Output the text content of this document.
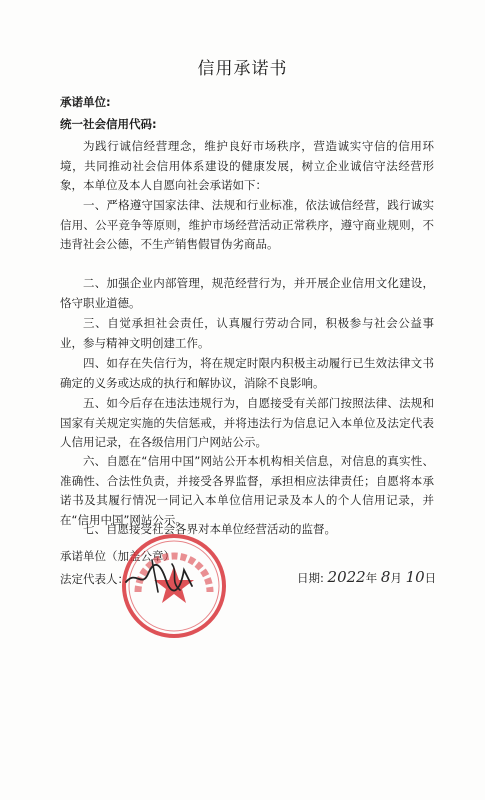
信用承诺书
承诺单位:
统一社会信用代码:

为践行诚信经营理念，维护良好市场秩序，营造诚实守信的信用环境，共同推动社会信用体系建设的健康发展，树立企业诚信守法经营形象，本单位及本人自愿向社会承诺如下：

一、严格遵守国家法律、法规和行业标准，依法诚信经营，践行诚实信用、公平竞争等原则，维护市场经营活动正常秩序，遵守商业规则，不违背社会公德，不生产销售假冒伪劣商品。

二、加强企业内部管理，规范经营行为，并开展企业信用文化建设，恪守职业道德。

三、自觉承担社会责任，认真履行劳动合同，积极参与社会公益事业，参与精神文明创建工作。

四、如存在失信行为，将在规定时限内积极主动履行已生效法律文书确定的义务或达成的执行和解协议，消除不良影响。

五、如今后存在违法违规行为，自愿接受有关部门按照法律、法规和国家有关规定实施的失信惩戒，并将违法行为信息记入本单位及法定代表人信用记录，在各级信用门户网站公示。

六、自愿在“信用中国”网站公开本机构相关信息，对信息的真实性、准确性、合法性负责，并接受各界监督，承担相应法律责任；自愿将本承诺书及其履行情况一同记入本单位信用记录及本人的个人信用记录，并在“信用中国”网站公示。

七、自愿接受社会各界对本单位经营活动的监督。

承诺单位（加盖公章）
法定代表人：	日期: 2022年 8月 10日
